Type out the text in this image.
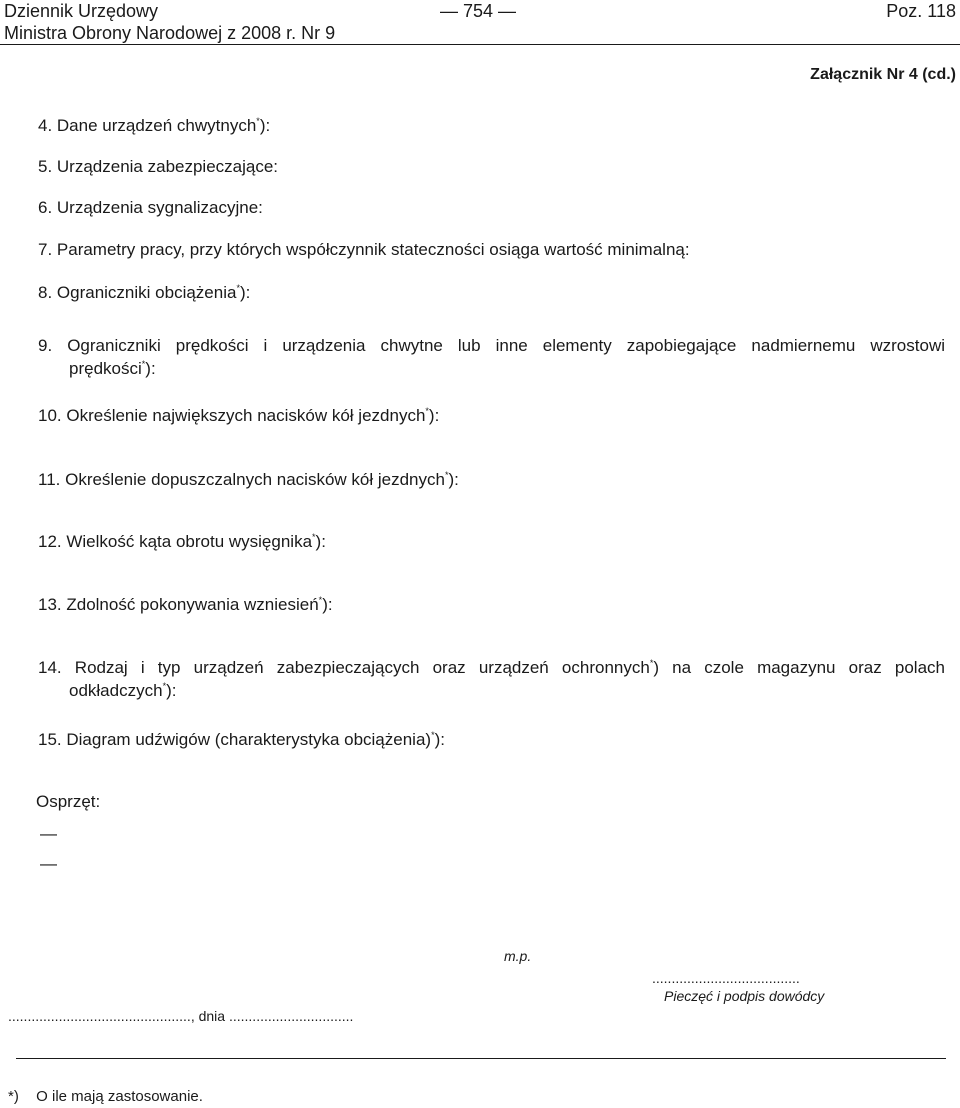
Dziennik Urzędowy
Ministra Obrony Narodowej z 2008 r. Nr 9
— 754 —	Poz. 118
Załącznik Nr 4 (cd.)
4. Dane urządzeń chwytnych*):
5. Urządzenia zabezpieczające:
6. Urządzenia sygnalizacyjne:
7. Parametry pracy, przy których współczynnik stateczności osiąga wartość minimalną:
8. Ograniczniki obciążenia*):
9. Ograniczniki prędkości i urządzenia chwytne lub inne elementy zapobiegające nadmiernemu wzrostowi
prędkości*):
10. Określenie największych nacisków kół jezdnych*):
11. Określenie dopuszczalnych nacisków kół jezdnych*):
12. Wielkość kąta obrotu wysięgnika*):
13. Zdolność pokonywania wzniesień*):
14. Rodzaj i typ urządzeń zabezpieczających oraz urządzeń ochronnych*) na czole magazynu oraz polach
odkładczych*):
15. Diagram udźwigów (charakterystyka obciążenia)*):
Osprzęt:
—
—
m.p.
......................................
Pieczęć i podpis dowódcy
..............................................., dnia ................................
*) O ile mają zastosowanie.
